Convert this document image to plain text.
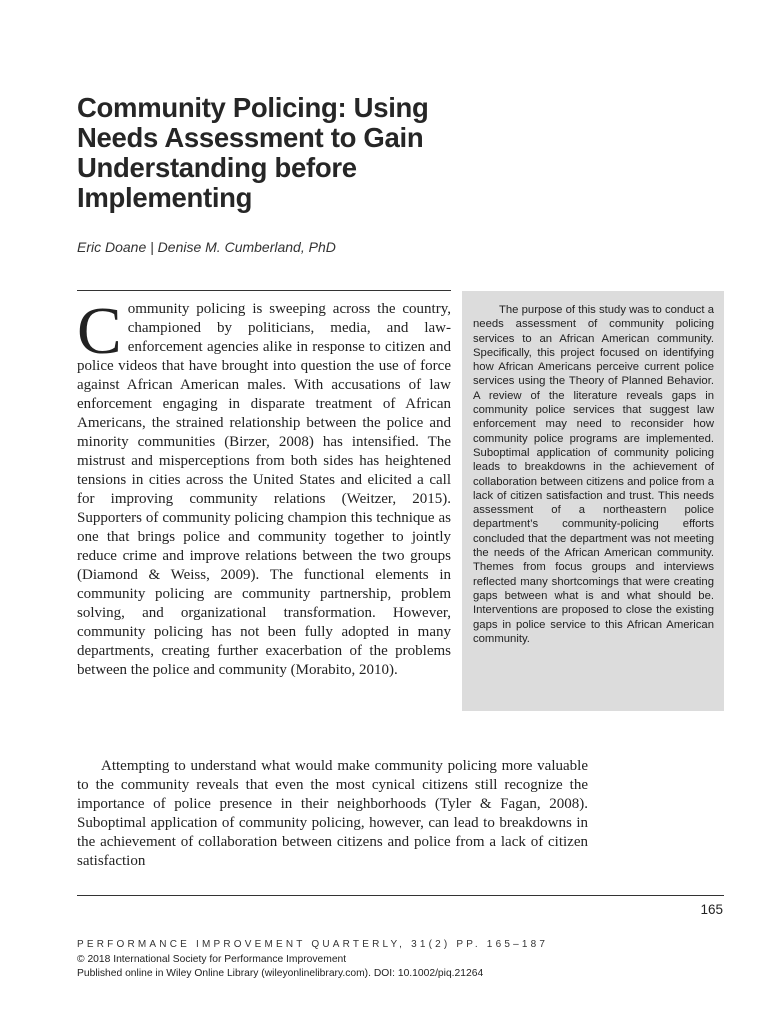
Community Policing: Using Needs Assessment to Gain Understanding before Implementing
Eric Doane | Denise M. Cumberland, PhD

Community policing is sweeping across the country, championed by politicians, media, and law-enforcement agencies alike in response to citizen and police videos that have brought into question the use of force against African American males. With accusations of law enforcement engaging in disparate treatment of African Americans, the strained relationship between the police and minority communities (Birzer, 2008) has intensified. The mistrust and misperceptions from both sides has heightened tensions in cities across the United States and elicited a call for improving community relations (Weitzer, 2015). Supporters of community policing champion this technique as one that brings police and community together to jointly reduce crime and improve relations between the two groups (Diamond & Weiss, 2009). The functional elements in community policing are community partnership, problem solving, and organizational transformation. However, community policing has not been fully adopted in many departments, creating further exacerbation of the problems between the police and community (Morabito, 2010).

The purpose of this study was to conduct a needs assessment of community policing services to an African American community. Specifically, this project focused on identifying how African Americans perceive current police services using the Theory of Planned Behavior. A review of the literature reveals gaps in community police services that suggest law enforcement may need to reconsider how community police programs are implemented. Suboptimal application of community policing leads to breakdowns in the achievement of collaboration between citizens and police from a lack of citizen satisfaction and trust. This needs assessment of a northeastern police department’s community-policing efforts concluded that the department was not meeting the needs of the African American community. Themes from focus groups and interviews reflected many shortcomings that were creating gaps between what is and what should be. Interventions are proposed to close the existing gaps in police service to this African American community.

Attempting to understand what would make community policing more valuable to the community reveals that even the most cynical citizens still recognize the importance of police presence in their neighborhoods (Tyler & Fagan, 2008). Suboptimal application of community policing, however, can lead to breakdowns in the achievement of collaboration between citizens and police from a lack of citizen satisfaction

165
PERFORMANCE IMPROVEMENT QUARTERLY, 31(2) PP. 165–187
© 2018 International Society for Performance Improvement
Published online in Wiley Online Library (wileyonlinelibrary.com). DOI: 10.1002/piq.21264
